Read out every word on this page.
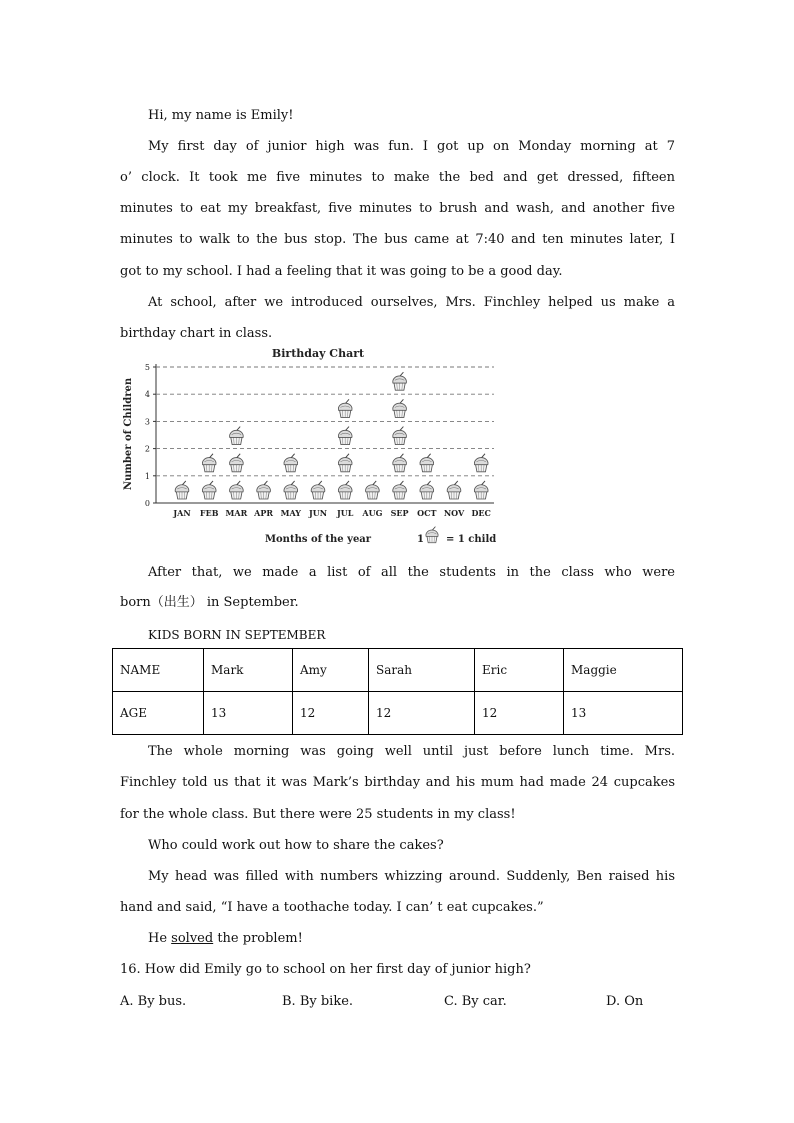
Hi, my name is Emily!
My first day of junior high was fun. I got up on Monday morning at 7
o’ clock. It took me five minutes to make the bed and get dressed, fifteen
minutes to eat my breakfast, five minutes to brush and wash, and another five
minutes to walk to the bus stop. The bus came at 7:40 and ten minutes later, I
got to my school. I had a feeling that it was going to be a good day.
At school, after we introduced ourselves, Mrs. Finchley helped us make a
birthday chart in class.
Birthday Chart
Number of Children
Months of the year	1 = 1 child
0
1
2
3
4
5
JAN FEB MAR APR MAY JUN JUL AUG SEP OCT NOV DEC
After that, we made a list of all the students in the class who were
born（出生） in September.
KIDS BORN IN SEPTEMBER
NAME	Mark	Amy	Sarah	Eric	Maggie
AGE	13	12	12	12	13
The whole morning was going well until just before lunch time. Mrs.
Finchley told us that it was Mark’s birthday and his mum had made 24 cupcakes
for the whole class. But there were 25 students in my class!
Who could work out how to share the cakes?
My head was filled with numbers whizzing around. Suddenly, Ben raised his
hand and said, “I have a toothache today. I can’ t eat cupcakes.”
He solved the problem!
16. How did Emily go to school on her first day of junior high?
A. By bus.	B. By bike.	C. By car.	D. On
